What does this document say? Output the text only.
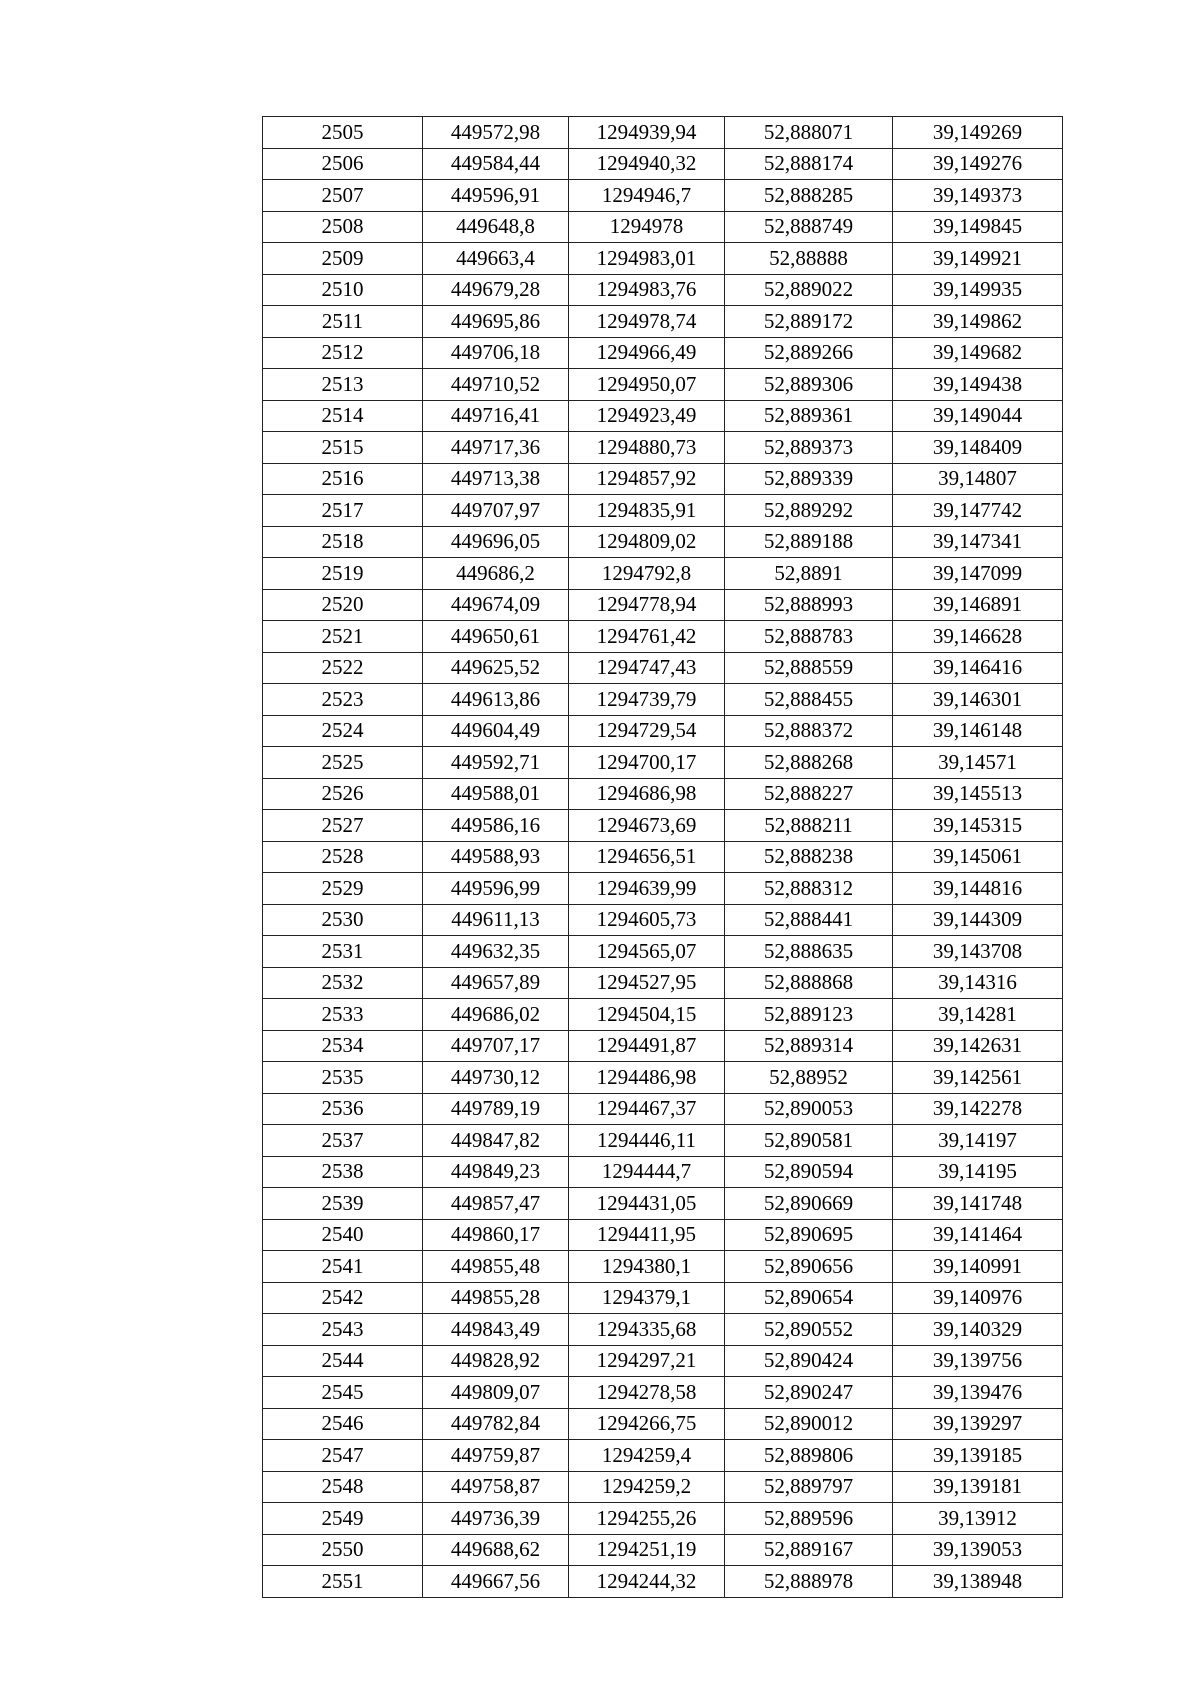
2505	449572,98	1294939,94	52,888071	39,149269
2506	449584,44	1294940,32	52,888174	39,149276
2507	449596,91	1294946,7	52,888285	39,149373
2508	449648,8	1294978	52,888749	39,149845
2509	449663,4	1294983,01	52,88888	39,149921
2510	449679,28	1294983,76	52,889022	39,149935
2511	449695,86	1294978,74	52,889172	39,149862
2512	449706,18	1294966,49	52,889266	39,149682
2513	449710,52	1294950,07	52,889306	39,149438
2514	449716,41	1294923,49	52,889361	39,149044
2515	449717,36	1294880,73	52,889373	39,148409
2516	449713,38	1294857,92	52,889339	39,14807
2517	449707,97	1294835,91	52,889292	39,147742
2518	449696,05	1294809,02	52,889188	39,147341
2519	449686,2	1294792,8	52,8891	39,147099
2520	449674,09	1294778,94	52,888993	39,146891
2521	449650,61	1294761,42	52,888783	39,146628
2522	449625,52	1294747,43	52,888559	39,146416
2523	449613,86	1294739,79	52,888455	39,146301
2524	449604,49	1294729,54	52,888372	39,146148
2525	449592,71	1294700,17	52,888268	39,14571
2526	449588,01	1294686,98	52,888227	39,145513
2527	449586,16	1294673,69	52,888211	39,145315
2528	449588,93	1294656,51	52,888238	39,145061
2529	449596,99	1294639,99	52,888312	39,144816
2530	449611,13	1294605,73	52,888441	39,144309
2531	449632,35	1294565,07	52,888635	39,143708
2532	449657,89	1294527,95	52,888868	39,14316
2533	449686,02	1294504,15	52,889123	39,14281
2534	449707,17	1294491,87	52,889314	39,142631
2535	449730,12	1294486,98	52,88952	39,142561
2536	449789,19	1294467,37	52,890053	39,142278
2537	449847,82	1294446,11	52,890581	39,14197
2538	449849,23	1294444,7	52,890594	39,14195
2539	449857,47	1294431,05	52,890669	39,141748
2540	449860,17	1294411,95	52,890695	39,141464
2541	449855,48	1294380,1	52,890656	39,140991
2542	449855,28	1294379,1	52,890654	39,140976
2543	449843,49	1294335,68	52,890552	39,140329
2544	449828,92	1294297,21	52,890424	39,139756
2545	449809,07	1294278,58	52,890247	39,139476
2546	449782,84	1294266,75	52,890012	39,139297
2547	449759,87	1294259,4	52,889806	39,139185
2548	449758,87	1294259,2	52,889797	39,139181
2549	449736,39	1294255,26	52,889596	39,13912
2550	449688,62	1294251,19	52,889167	39,139053
2551	449667,56	1294244,32	52,888978	39,138948
